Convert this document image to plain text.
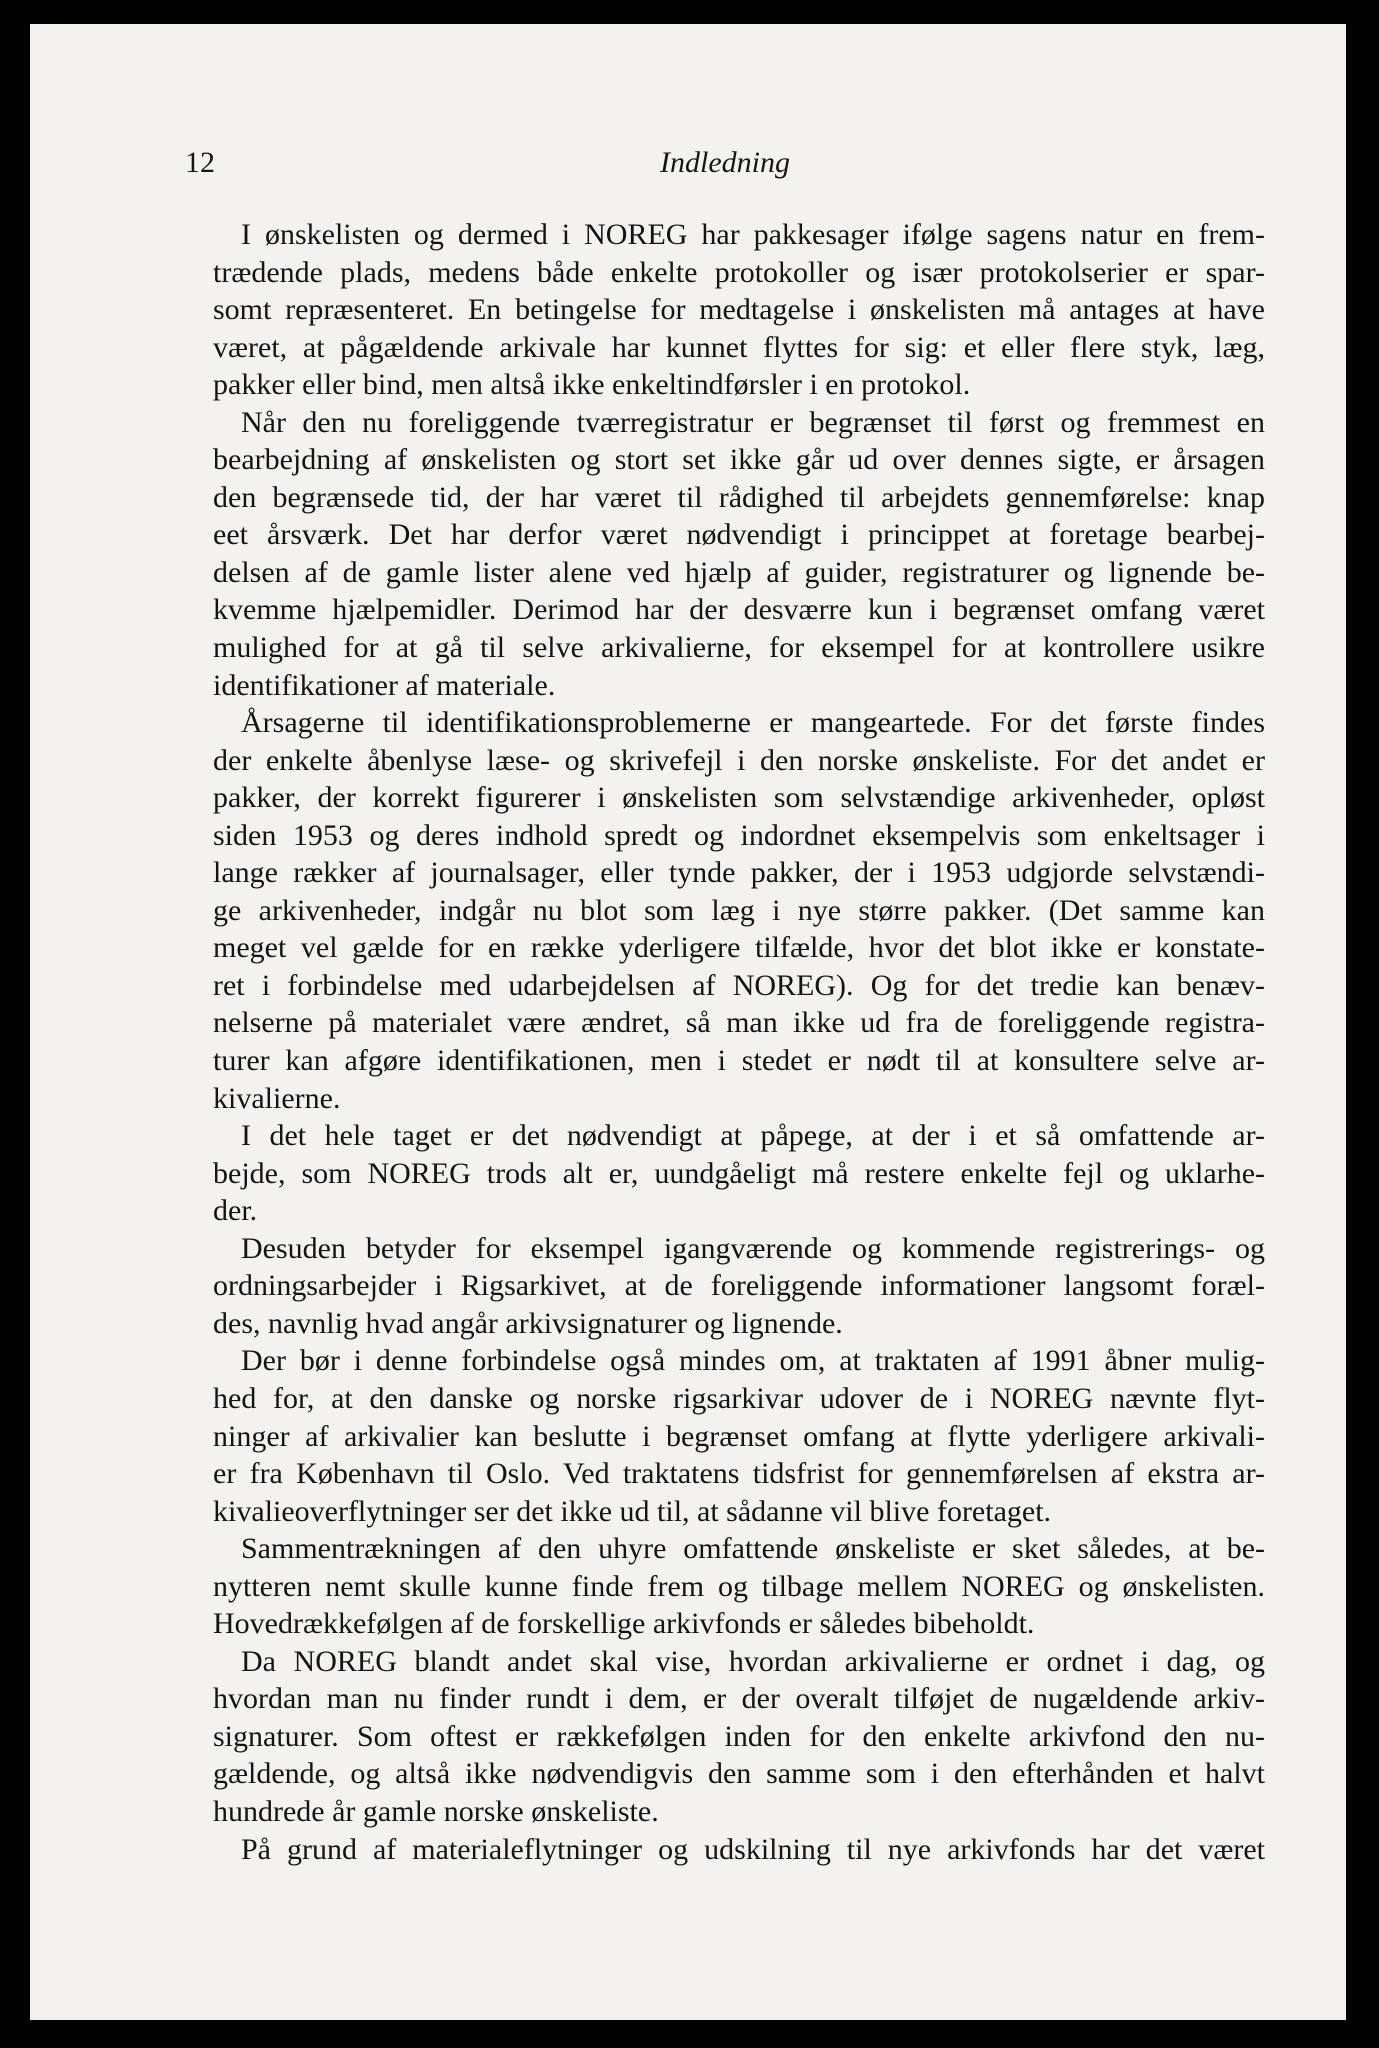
12	Indledning
I ønskelisten og dermed i NOREG har pakkesager ifølge sagens natur en frem-
trædende plads, medens både enkelte protokoller og især protokolserier er spar-
somt repræsenteret. En betingelse for medtagelse i ønskelisten må antages at have
været, at pågældende arkivale har kunnet flyttes for sig: et eller flere styk, læg,
pakker eller bind, men altså ikke enkeltindførsler i en protokol.
Når den nu foreliggende tværregistratur er begrænset til først og fremmest en
bearbejdning af ønskelisten og stort set ikke går ud over dennes sigte, er årsagen
den begrænsede tid, der har været til rådighed til arbejdets gennemførelse: knap
eet årsværk. Det har derfor været nødvendigt i princippet at foretage bearbej-
delsen af de gamle lister alene ved hjælp af guider, registraturer og lignende be-
kvemme hjælpemidler. Derimod har der desværre kun i begrænset omfang været
mulighed for at gå til selve arkivalierne, for eksempel for at kontrollere usikre
identifikationer af materiale.
Årsagerne til identifikationsproblemerne er mangeartede. For det første findes
der enkelte åbenlyse læse- og skrivefejl i den norske ønskeliste. For det andet er
pakker, der korrekt figurerer i ønskelisten som selvstændige arkivenheder, opløst
siden 1953 og deres indhold spredt og indordnet eksempelvis som enkeltsager i
lange rækker af journalsager, eller tynde pakker, der i 1953 udgjorde selvstændi-
ge arkivenheder, indgår nu blot som læg i nye større pakker. (Det samme kan
meget vel gælde for en række yderligere tilfælde, hvor det blot ikke er konstate-
ret i forbindelse med udarbejdelsen af NOREG). Og for det tredie kan benæv-
nelserne på materialet være ændret, så man ikke ud fra de foreliggende registra-
turer kan afgøre identifikationen, men i stedet er nødt til at konsultere selve ar-
kivalierne.
I det hele taget er det nødvendigt at påpege, at der i et så omfattende ar-
bejde, som NOREG trods alt er, uundgåeligt må restere enkelte fejl og uklarhe-
der.
Desuden betyder for eksempel igangværende og kommende registrerings- og
ordningsarbejder i Rigsarkivet, at de foreliggende informationer langsomt foræl-
des, navnlig hvad angår arkivsignaturer og lignende.
Der bør i denne forbindelse også mindes om, at traktaten af 1991 åbner mulig-
hed for, at den danske og norske rigsarkivar udover de i NOREG nævnte flyt-
ninger af arkivalier kan beslutte i begrænset omfang at flytte yderligere arkivali-
er fra København til Oslo. Ved traktatens tidsfrist for gennemførelsen af ekstra ar-
kivalieoverflytninger ser det ikke ud til, at sådanne vil blive foretaget.
Sammentrækningen af den uhyre omfattende ønskeliste er sket således, at be-
nytteren nemt skulle kunne finde frem og tilbage mellem NOREG og ønskelisten.
Hovedrækkefølgen af de forskellige arkivfonds er således bibeholdt.
Da NOREG blandt andet skal vise, hvordan arkivalierne er ordnet i dag, og
hvordan man nu finder rundt i dem, er der overalt tilføjet de nugældende arkiv-
signaturer. Som oftest er rækkefølgen inden for den enkelte arkivfond den nu-
gældende, og altså ikke nødvendigvis den samme som i den efterhånden et halvt
hundrede år gamle norske ønskeliste.
På grund af materialeflytninger og udskilning til nye arkivfonds har det været
